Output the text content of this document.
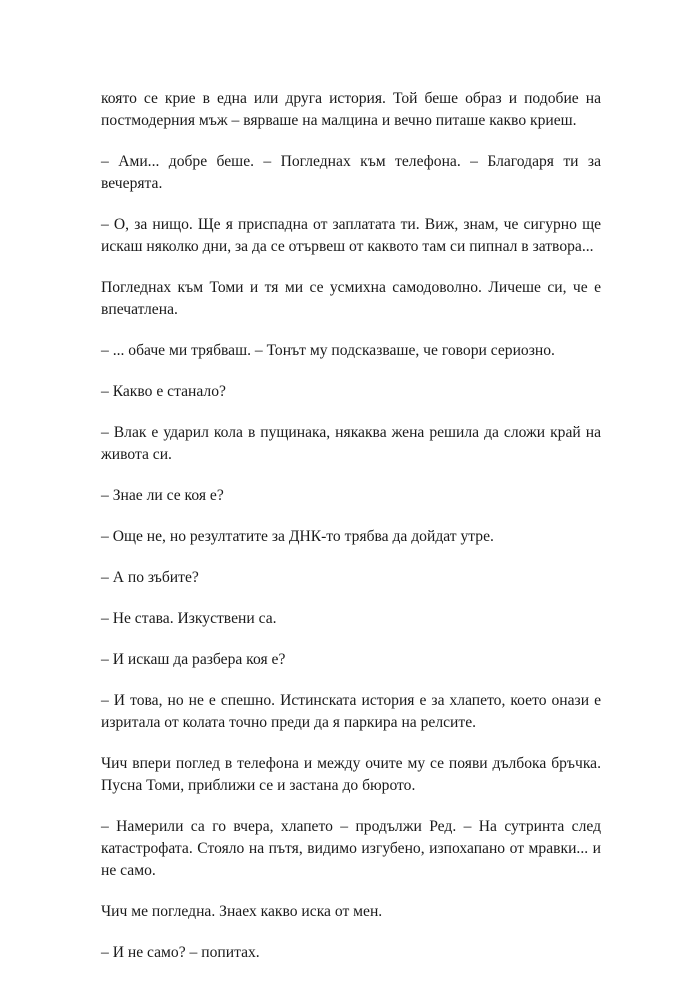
която се крие в една или друга история. Той беше образ и подобие на постмодерния мъж – вярваше на малцина и вечно питаше какво криеш.

– Ами... добре беше. – Погледнах към телефона. – Благодаря ти за вечерята.

– О, за нищо. Ще я приспадна от заплатата ти. Виж, знам, че сигурно ще искаш няколко дни, за да се отървеш от каквото там си пипнал в затвора...

Погледнах към Томи и тя ми се усмихна самодоволно. Личеше си, че е впечатлена.

– ... обаче ми трябваш. – Тонът му подсказваше, че говори сериозно.

– Какво е станало?

– Влак е ударил кола в пущинака, някаква жена решила да сложи край на живота си.

– Знае ли се коя е?

– Още не, но резултатите за ДНК-то трябва да дойдат утре.

– А по зъбите?

– Не става. Изкуствени са.

– И искаш да разбера коя е?

– И това, но не е спешно. Истинската история е за хлапето, което онази е изритала от колата точно преди да я паркира на релсите.

Чич впери поглед в телефона и между очите му се появи дълбока бръчка. Пусна Томи, приближи се и застана до бюрото.

– Намерили са го вчера, хлапето – продължи Ред. – На сутринта след катастрофата. Стояло на пътя, видимо изгубено, изпохапано от мравки... и не само.

Чич ме погледна. Знаех какво иска от мен.

– И не само? – попитах.
